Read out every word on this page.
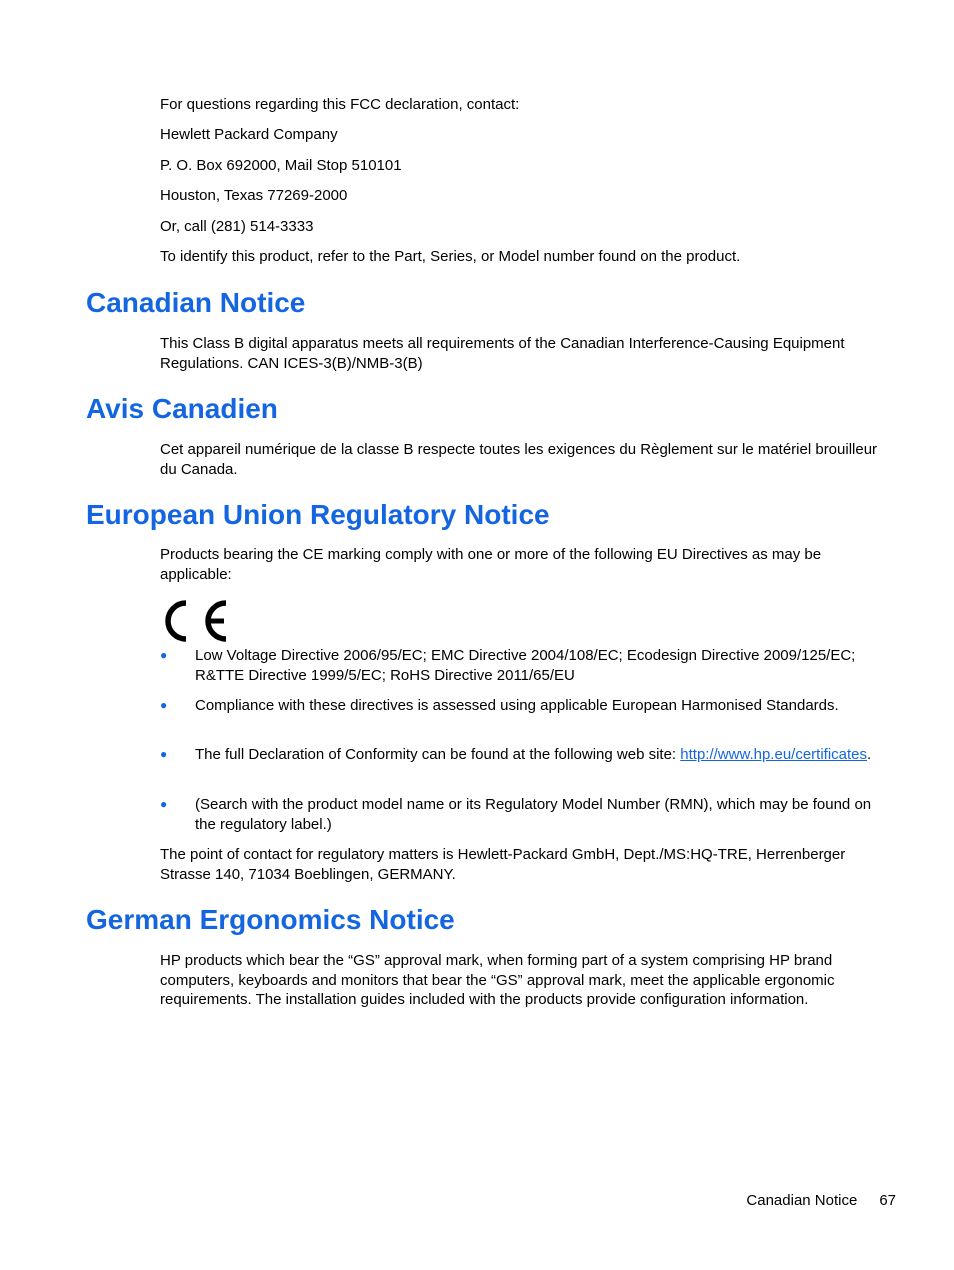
For questions regarding this FCC declaration, contact:

Hewlett Packard Company

P. O. Box 692000, Mail Stop 510101

Houston, Texas 77269-2000

Or, call (281) 514-3333

To identify this product, refer to the Part, Series, or Model number found on the product.

Canadian Notice

This Class B digital apparatus meets all requirements of the Canadian Interference-Causing Equipment Regulations. CAN ICES-3(B)/NMB-3(B)

Avis Canadien

Cet appareil numérique de la classe B respecte toutes les exigences du Règlement sur le matériel brouilleur du Canada.

European Union Regulatory Notice

Products bearing the CE marking comply with one or more of the following EU Directives as may be applicable:

●	Low Voltage Directive 2006/95/EC; EMC Directive 2004/108/EC; Ecodesign Directive 2009/125/EC; R&TTE Directive 1999/5/EC; RoHS Directive 2011/65/EU
●	Compliance with these directives is assessed using applicable European Harmonised Standards.
●	The full Declaration of Conformity can be found at the following web site: http://www.hp.eu/certificates.
●	(Search with the product model name or its Regulatory Model Number (RMN), which may be found on the regulatory label.)

The point of contact for regulatory matters is Hewlett-Packard GmbH, Dept./MS:HQ-TRE, Herrenberger Strasse 140, 71034 Boeblingen, GERMANY.

German Ergonomics Notice

HP products which bear the “GS” approval mark, when forming part of a system comprising HP brand computers, keyboards and monitors that bear the “GS” approval mark, meet the applicable ergonomic requirements. The installation guides included with the products provide configuration information.

Canadian Notice 67
